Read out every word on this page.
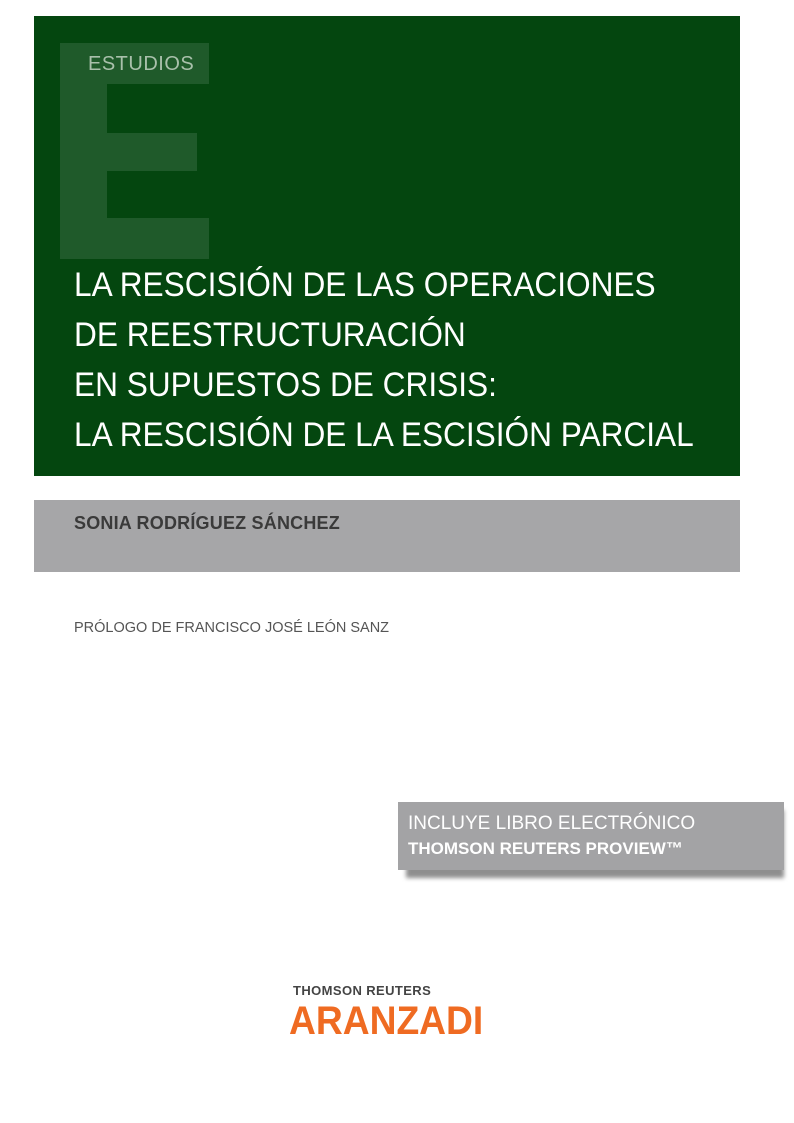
ESTUDIOS
LA RESCISIÓN DE LAS OPERACIONES
DE REESTRUCTURACIÓN
EN SUPUESTOS DE CRISIS:
LA RESCISIÓN DE LA ESCISIÓN PARCIAL
SONIA RODRÍGUEZ SÁNCHEZ
PRÓLOGO DE FRANCISCO JOSÉ LEÓN SANZ
INCLUYE LIBRO ELECTRÓNICO
THOMSON REUTERS PROVIEW™
THOMSON REUTERS
ARANZADI
